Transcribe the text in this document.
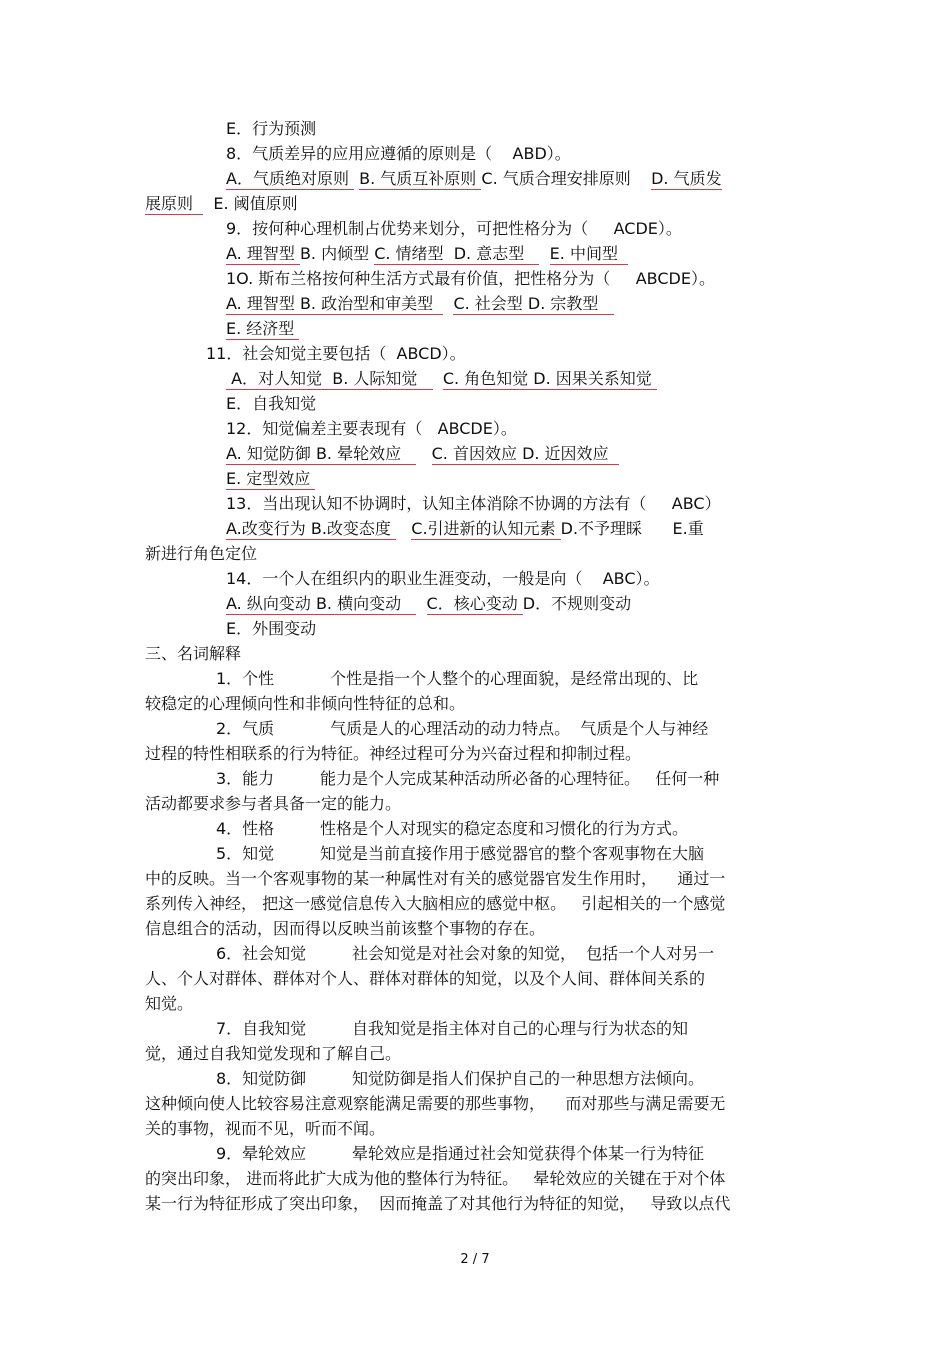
E．行为预测
8．气质差异的应用应遵循的原则是（    ABD）。
A．气质绝对原则  B. 气质互补原则 C. 气质合理安排原则    D. 气质发
展原则    E. 阈值原则
9．按何种心理机制占优势来划分，可把性格分为（     ACDE）。
A. 理智型 B. 内倾型 C. 情绪型  D. 意志型     E. 中间型
1O. 斯布兰格按何种生活方式最有价值，把性格分为（     ABCDE）。
A. 理智型 B. 政治型和审美型    C. 社会型 D. 宗教型
E. 经济型
11．社会知觉主要包括（  ABCD）。
A．对人知觉  B. 人际知觉     C. 角色知觉 D. 因果关系知觉
E．自我知觉
12．知觉偏差主要表现有（   ABCDE）。
A. 知觉防御 B. 晕轮效应      C. 首因效应 D. 近因效应
E. 定型效应
13．当出现认知不协调时，认知主体消除不协调的方法有（     ABC）
A.改变行为 B.改变态度    C.引进新的认知元素 D.不予理睬      E.重
新进行角色定位
14．一个人在组织内的职业生涯变动，一般是向（    ABC）。
A. 纵向变动 B. 横向变动     C．核心变动 D．不规则变动
E．外围变动
三、名词解释
1．个性           个性是指一个人整个的心理面貌，是经常出现的、比
较稳定的心理倾向性和非倾向性特征的总和。
2．气质           气质是人的心理活动的动力特点。  气质是个人与神经
过程的特性相联系的行为特征。神经过程可分为兴奋过程和抑制过程。
3．能力         能力是个人完成某种活动所必备的心理特征。   任何一种
活动都要求参与者具备一定的能力。
4．性格         性格是个人对现实的稳定态度和习惯化的行为方式。
5．知觉         知觉是当前直接作用于感觉器官的整个客观事物在大脑
中的反映。当一个客观事物的某一种属性对有关的感觉器官发生作用时，    通过一
系列传入神经， 把这一感觉信息传入大脑相应的感觉中枢。   引起相关的一个感觉
信息组合的活动，因而得以反映当前该整个事物的存在。
6．社会知觉         社会知觉是对社会对象的知觉，  包括一个人对另一
人、个人对群体、群体对个人、群体对群体的知觉，以及个人间、群体间关系的
知觉。
7．自我知觉         自我知觉是指主体对自己的心理与行为状态的知
觉，通过自我知觉发现和了解自己。
8．知觉防御         知觉防御是指人们保护自己的一种思想方法倾向。
这种倾向使人比较容易注意观察能满足需要的那些事物，    而对那些与满足需要无
关的事物，视而不见，听而不闻。
9．晕轮效应         晕轮效应是指通过社会知觉获得个体某一行为特征
的突出印象， 进而将此扩大成为他的整体行为特征。   晕轮效应的关键在于对个体
某一行为特征形成了突出印象，  因而掩盖了对其他行为特征的知觉，   导致以点代
2 / 7
